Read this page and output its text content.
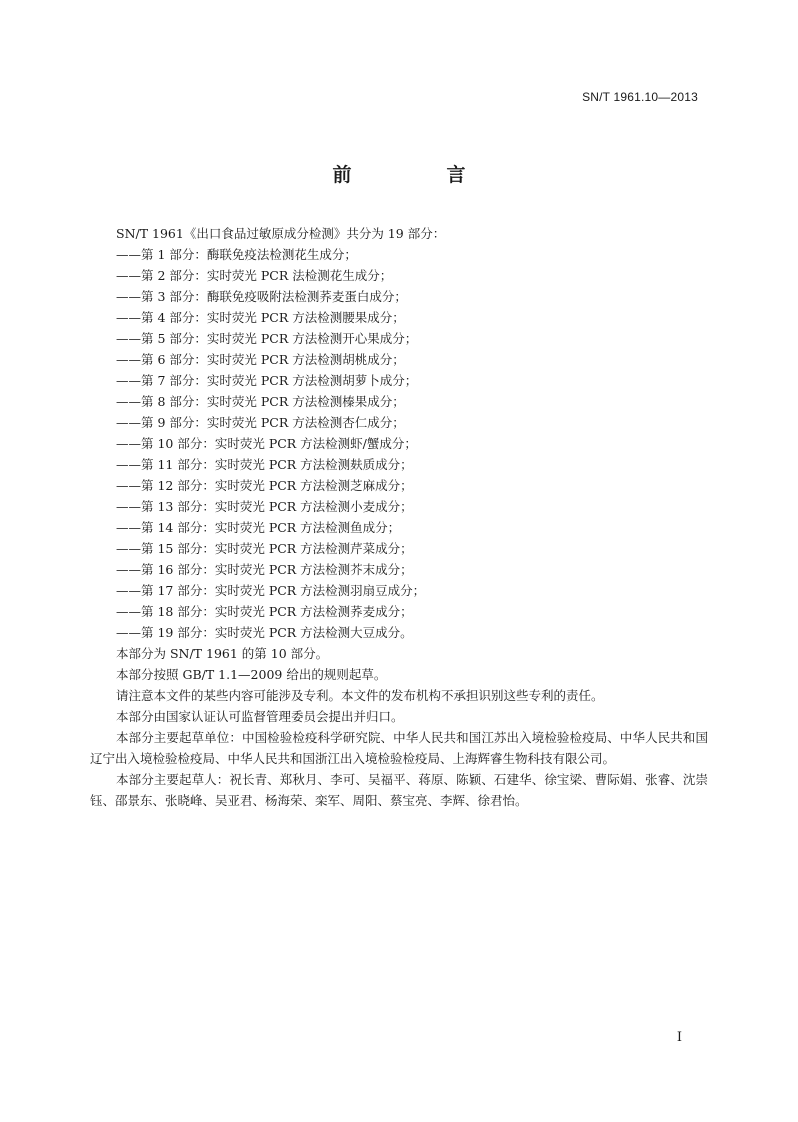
SN/T 1961.10—2013
前　言
SN/T 1961《出口食品过敏原成分检测》共分为 19 部分：
——第 1 部分：酶联免疫法检测花生成分；
——第 2 部分：实时荧光 PCR 法检测花生成分；
——第 3 部分：酶联免疫吸附法检测荞麦蛋白成分；
——第 4 部分：实时荧光 PCR 方法检测腰果成分；
——第 5 部分：实时荧光 PCR 方法检测开心果成分；
——第 6 部分：实时荧光 PCR 方法检测胡桃成分；
——第 7 部分：实时荧光 PCR 方法检测胡萝卜成分；
——第 8 部分：实时荧光 PCR 方法检测榛果成分；
——第 9 部分：实时荧光 PCR 方法检测杏仁成分；
——第 10 部分：实时荧光 PCR 方法检测虾/蟹成分；
——第 11 部分：实时荧光 PCR 方法检测麸质成分；
——第 12 部分：实时荧光 PCR 方法检测芝麻成分；
——第 13 部分：实时荧光 PCR 方法检测小麦成分；
——第 14 部分：实时荧光 PCR 方法检测鱼成分；
——第 15 部分：实时荧光 PCR 方法检测芹菜成分；
——第 16 部分：实时荧光 PCR 方法检测芥末成分；
——第 17 部分：实时荧光 PCR 方法检测羽扇豆成分；
——第 18 部分：实时荧光 PCR 方法检测荞麦成分；
——第 19 部分：实时荧光 PCR 方法检测大豆成分。
本部分为 SN/T 1961 的第 10 部分。
本部分按照 GB/T 1.1—2009 给出的规则起草。
请注意本文件的某些内容可能涉及专利。本文件的发布机构不承担识别这些专利的责任。
本部分由国家认证认可监督管理委员会提出并归口。
本部分主要起草单位：中国检验检疫科学研究院、中华人民共和国江苏出入境检验检疫局、中华人民共和国辽宁出入境检验检疫局、中华人民共和国浙江出入境检验检疫局、上海辉睿生物科技有限公司。
本部分主要起草人：祝长青、郑秋月、李可、吴福平、蒋原、陈颖、石建华、徐宝梁、曹际娟、张睿、沈崇钰、邵景东、张晓峰、吴亚君、杨海荣、栾军、周阳、蔡宝亮、李辉、徐君怡。
I
